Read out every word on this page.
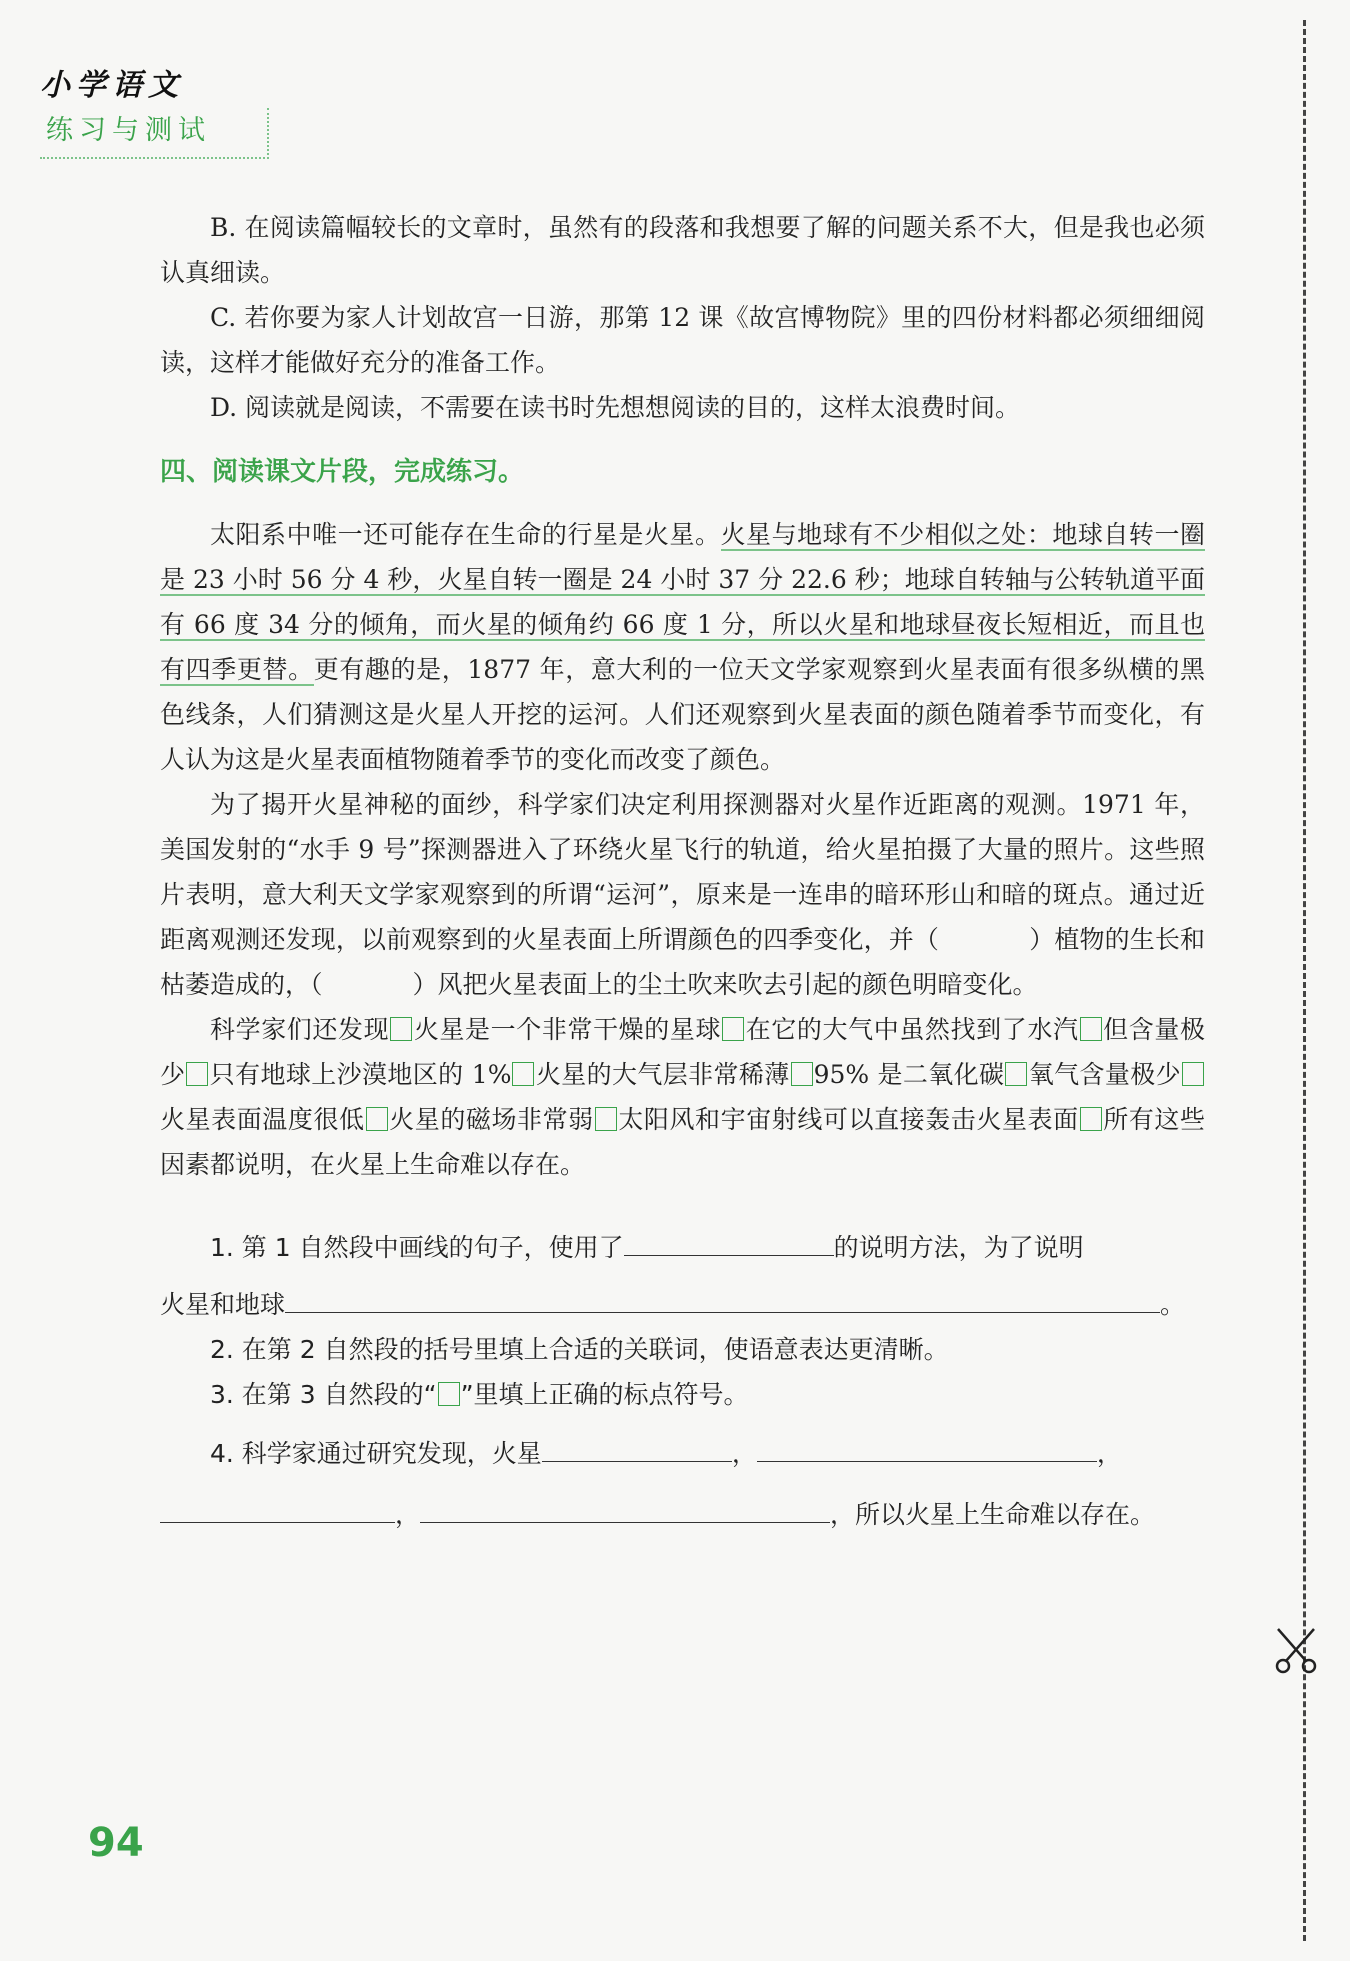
小学语文
练习与测试

B. 在阅读篇幅较长的文章时，虽然有的段落和我想要了解的问题关系不大，但是我也必须认真细读。

C. 若你要为家人计划故宫一日游，那第 12 课《故宫博物院》里的四份材料都必须细细阅读，这样才能做好充分的准备工作。

D. 阅读就是阅读，不需要在读书时先想想阅读的目的，这样太浪费时间。

四、阅读课文片段，完成练习。

太阳系中唯一还可能存在生命的行星是火星。火星与地球有不少相似之处：地球自转一圈是 23 小时 56 分 4 秒，火星自转一圈是 24 小时 37 分 22.6 秒；地球自转轴与公转轨道平面有 66 度 34 分的倾角，而火星的倾角约 66 度 1 分，所以火星和地球昼夜长短相近，而且也有四季更替。更有趣的是，1877 年，意大利的一位天文学家观察到火星表面有很多纵横的黑色线条，人们猜测这是火星人开挖的运河。人们还观察到火星表面的颜色随着季节而变化，有人认为这是火星表面植物随着季节的变化而改变了颜色。

为了揭开火星神秘的面纱，科学家们决定利用探测器对火星作近距离的观测。1971 年，美国发射的“水手 9 号”探测器进入了环绕火星飞行的轨道，给火星拍摄了大量的照片。这些照片表明，意大利天文学家观察到的所谓“运河”，原来是一连串的暗环形山和暗的斑点。通过近距离观测还发现，以前观察到的火星表面上所谓颜色的四季变化，并（	）植物的生长和枯萎造成的，（	）风把火星表面上的尘土吹来吹去引起的颜色明暗变化。

科学家们还发现 火星是一个非常干燥的星球 在它的大气中虽然找到了水汽 但含量极少 只有地球上沙漠地区的 1% 火星的大气层非常稀薄 95% 是二氧化碳 氧气含量极少火星表面温度很低 火星的磁场非常弱 太阳风和宇宙射线可以直接轰击火星表面 所有这些因素都说明，在火星上生命难以存在。

1. 第 1 自然段中画线的句子，使用了	的说明方法，为了说明

火星和地球	。

2. 在第 2 自然段的括号里填上合适的关联词，使语意表达更清晰。

3. 在第 3 自然段的“ ”里填上正确的标点符号。

4. 科学家通过研究发现，火星	，	，

，	，所以火星上生命难以存在。

94
